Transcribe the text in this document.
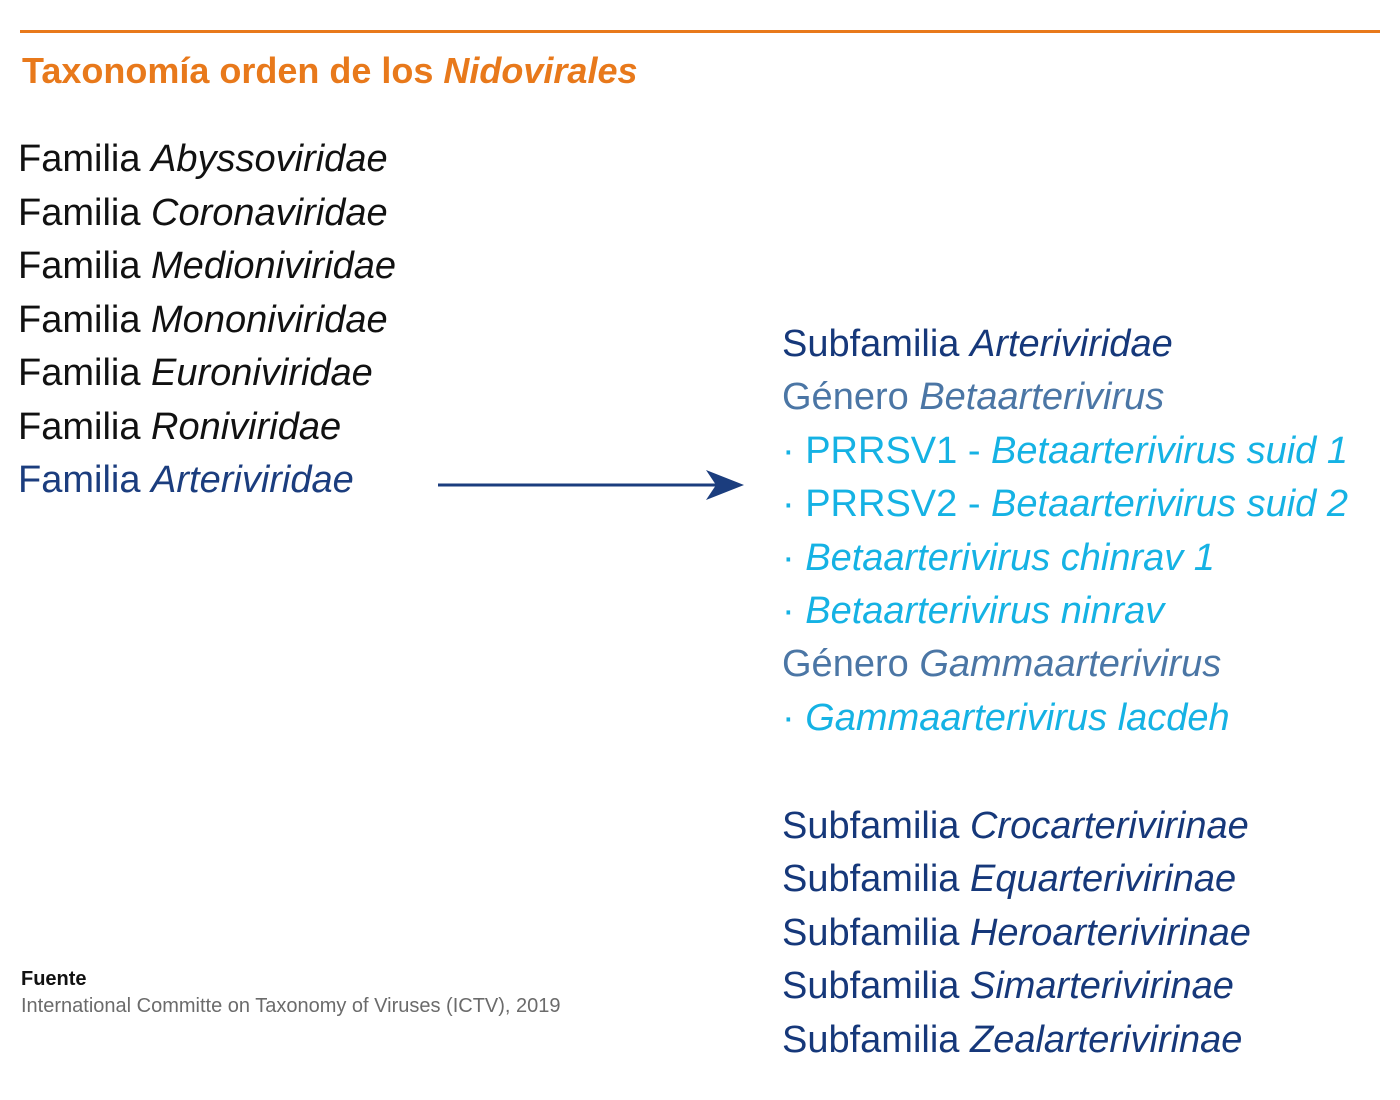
Taxonomía orden de los Nidovirales
Familia Abyssoviridae
Familia Coronaviridae
Familia Medioniviridae
Familia Mononiviridae
Familia Euroniviridae
Familia Roniviridae
Familia Arteriviridae
Subfamilia Arteriviridae
Género Betaarterivirus
· PRRSV1 - Betaarterivirus suid 1
· PRRSV2 - Betaarterivirus suid 2
· Betaarterivirus chinrav 1
· Betaarterivirus ninrav
Género Gammaarterivirus
· Gammaarterivirus lacdeh
Subfamilia Crocarterivirinae
Subfamilia Equarterivirinae
Subfamilia Heroarterivirinae
Subfamilia Simarterivirinae
Subfamilia Zealarterivirinae
Fuente
International Committe on Taxonomy of Viruses (ICTV), 2019
